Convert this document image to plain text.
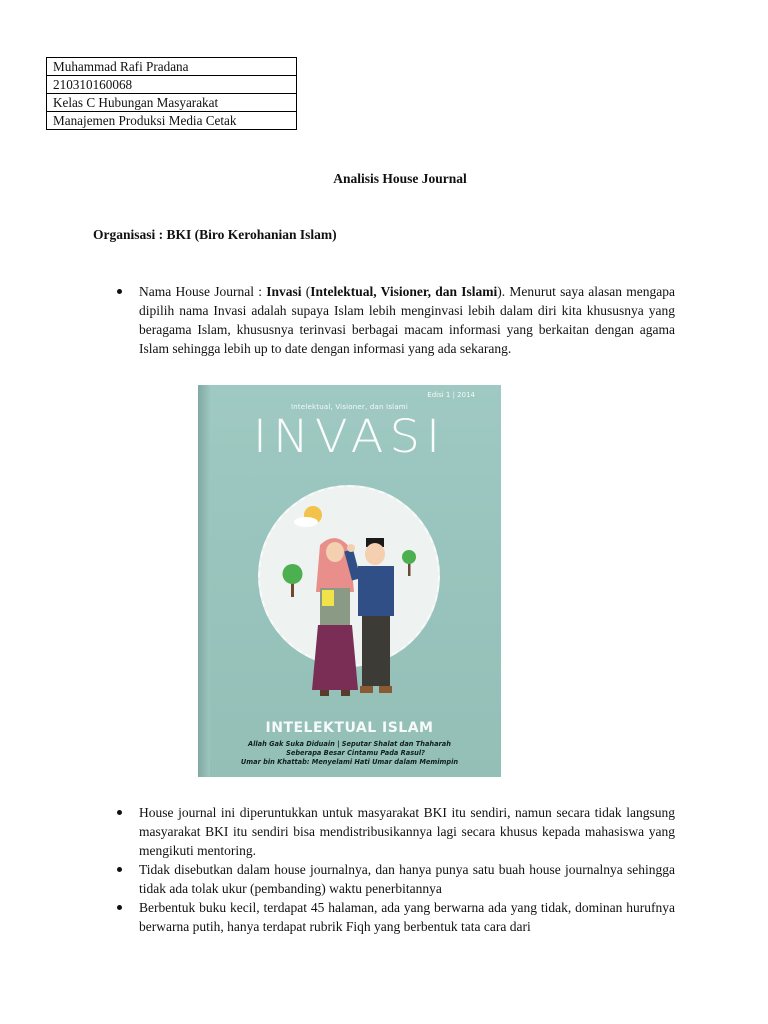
Muhammad Rafi Pradana
210310160068
Kelas C Hubungan Masyarakat
Manajemen Produksi Media Cetak
Analisis House Journal
Organisasi : BKI (Biro Kerohanian Islam)
Nama House Journal : Invasi (Intelektual, Visioner, dan Islami). Menurut saya alasan mengapa dipilih nama Invasi adalah supaya Islam lebih menginvasi lebih dalam diri kita khususnya yang beragama Islam, khususnya terinvasi berbagai macam informasi yang berkaitan dengan agama Islam sehingga lebih up to date dengan informasi yang ada sekarang.
Edisi 1 | 2014
Intelektual, Visioner, dan Islami
INVASI
INTELEKTUAL ISLAM
Allah Gak Suka Diduain | Seputar Shalat dan Thaharah
Seberapa Besar Cintamu Pada Rasul?
Umar bin Khattab: Menyelami Hati Umar dalam Memimpin
House journal ini diperuntukkan untuk masyarakat BKI itu sendiri, namun secara tidak langsung masyarakat BKI itu sendiri bisa mendistribusikannya lagi secara khusus kepada mahasiswa yang mengikuti mentoring.
Tidak disebutkan dalam house journalnya, dan hanya punya satu buah house journalnya sehingga tidak ada tolak ukur (pembanding) waktu penerbitannya
Berbentuk buku kecil, terdapat 45 halaman, ada yang berwarna ada yang tidak, dominan hurufnya berwarna putih, hanya terdapat rubrik Fiqh yang berbentuk tata cara dari
